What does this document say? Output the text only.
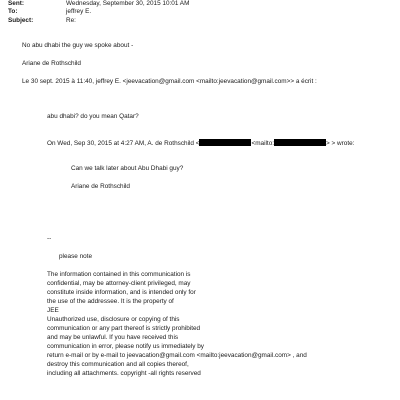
Sent:	Wednesday, September 30, 2015 10:01 AM
To:	jeffrey E.
Subject:	Re:
No abu dhabi the guy we spoke about -
Ariane de Rothschild
Le 30 sept. 2015 à 11:40, jeffrey E. <jeevacation@gmail.com <mailto:jeevacation@gmail.com>> a écrit :
abu dhabi? do you mean Qatar?
On Wed, Sep 30, 2015 at 4:27 AM, A. de Rothschild <	<mailto:	> > wrote:
Can we talk later about Abu Dhabi guy?
Ariane de Rothschild
--
please note
The information contained in this communication is
confidential, may be attorney-client privileged, may
constitute inside information, and is intended only for
the use of the addressee. It is the property of
JEE
Unauthorized use, disclosure or copying of this
communication or any part thereof is strictly prohibited
and may be unlawful. If you have received this
communication in error, please notify us immediately by
return e-mail or by e-mail to jeevacation@gmail.com <mailto:jeevacation@gmail.com> , and
destroy this communication and all copies thereof,
including all attachments. copyright -all rights reserved
